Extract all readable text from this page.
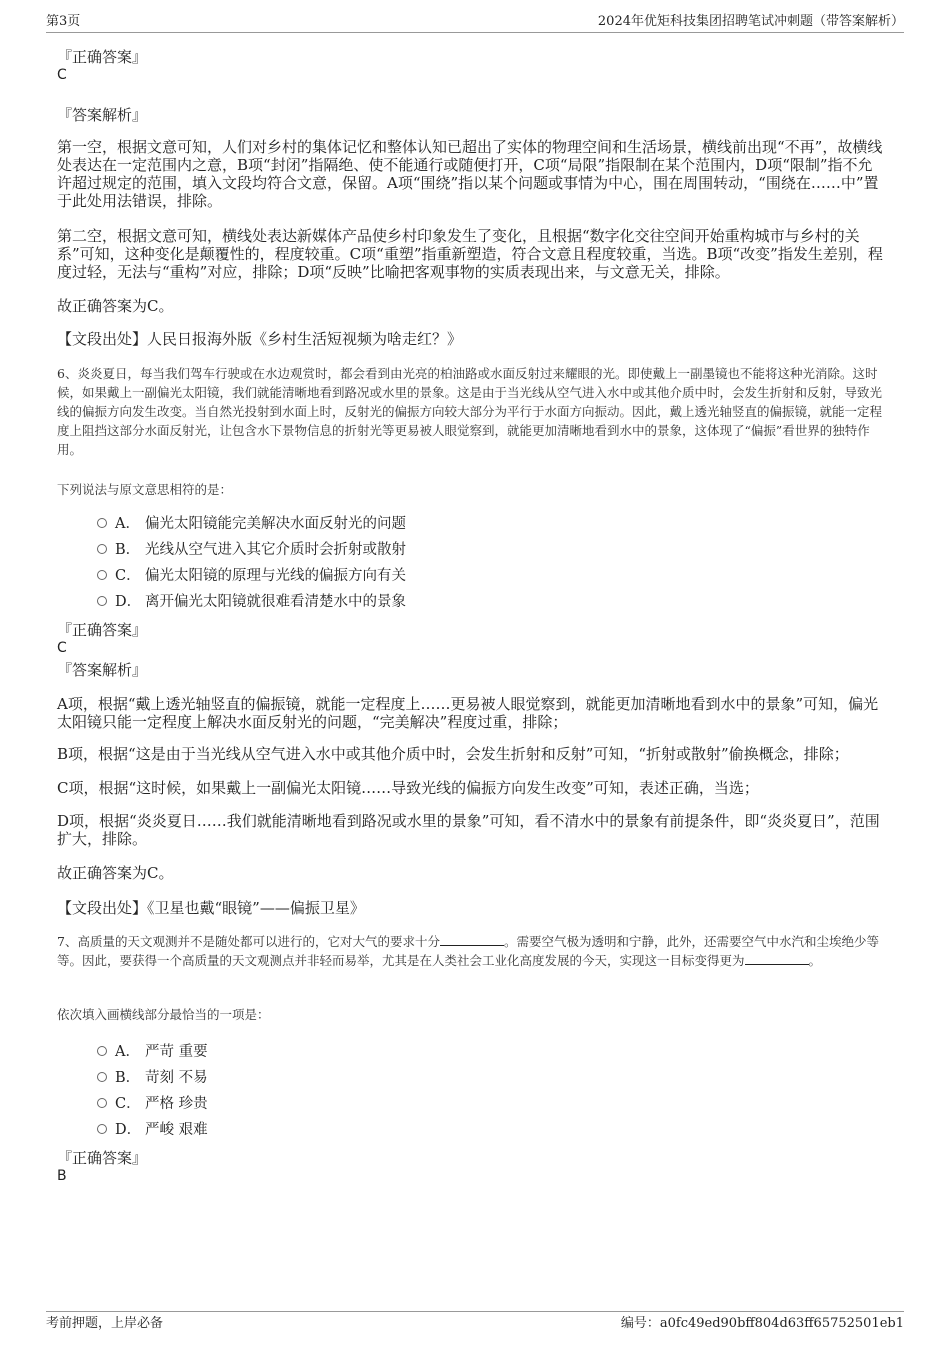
第3页	2024年优矩科技集团招聘笔试冲刺题（带答案解析）

『正确答案』

C

『答案解析』

第一空，根据文意可知，人们对乡村的集体记忆和整体认知已超出了实体的物理空间和生活场景，横线前出现“不再”，故横线处表达在一定范围内之意，B项“封闭”指隔绝、使不能通行或随便打开，C项“局限”指限制在某个范围内，D项“限制”指不允许超过规定的范围，填入文段均符合文意，保留。A项“围绕”指以某个问题或事情为中心，围在周围转动，“围绕在……中”置于此处用法错误，排除。

第二空，根据文意可知，横线处表达新媒体产品使乡村印象发生了变化，且根据“数字化交往空间开始重构城市与乡村的关系”可知，这种变化是颠覆性的，程度较重。C项“重塑”指重新塑造，符合文意且程度较重，当选。B项“改变”指发生差别，程度过轻，无法与“重构”对应，排除；D项“反映”比喻把客观事物的实质表现出来，与文意无关，排除。

故正确答案为C。

【文段出处】人民日报海外版《乡村生活短视频为啥走红？》

6、炎炎夏日，每当我们驾车行驶或在水边观赏时，都会看到由光亮的柏油路或水面反射过来耀眼的光。即使戴上一副墨镜也不能将这种光消除。这时候，如果戴上一副偏光太阳镜，我们就能清晰地看到路况或水里的景象。这是由于当光线从空气进入水中或其他介质中时，会发生折射和反射，导致光线的偏振方向发生改变。当自然光投射到水面上时，反射光的偏振方向较大部分为平行于水面方向振动。因此，戴上透光轴竖直的偏振镜，就能一定程度上阻挡这部分水面反射光，让包含水下景物信息的折射光等更易被人眼觉察到，就能更加清晰地看到水中的景象，这体现了“偏振”看世界的独特作用。

下列说法与原文意思相符的是：

A． 偏光太阳镜能完美解决水面反射光的问题
B． 光线从空气进入其它介质时会折射或散射
C． 偏光太阳镜的原理与光线的偏振方向有关
D． 离开偏光太阳镜就很难看清楚水中的景象

『正确答案』

C

『答案解析』

A项，根据“戴上透光轴竖直的偏振镜，就能一定程度上……更易被人眼觉察到，就能更加清晰地看到水中的景象”可知，偏光太阳镜只能一定程度上解决水面反射光的问题，“完美解决”程度过重，排除；

B项，根据“这是由于当光线从空气进入水中或其他介质中时，会发生折射和反射”可知，“折射或散射”偷换概念，排除；

C项，根据“这时候，如果戴上一副偏光太阳镜……导致光线的偏振方向发生改变”可知，表述正确，当选；

D项，根据“炎炎夏日……我们就能清晰地看到路况或水里的景象”可知，看不清水中的景象有前提条件，即“炎炎夏日”，范围扩大，排除。

故正确答案为C。

【文段出处】《卫星也戴“眼镜”——偏振卫星》

7、高质量的天文观测并不是随处都可以进行的，它对大气的要求十分	。需要空气极为透明和宁静，此外，还需要空气中水汽和尘埃绝少等等。因此，要获得一个高质量的天文观测点并非轻而易举，尤其是在人类社会工业化高度发展的今天，实现这一目标变得更为	。

依次填入画横线部分最恰当的一项是：

A． 严苛 重要
B． 苛刻 不易
C． 严格 珍贵
D． 严峻 艰难

『正确答案』

B

考前押题，上岸必备	编号：a0fc49ed90bff804d63ff65752501eb1
